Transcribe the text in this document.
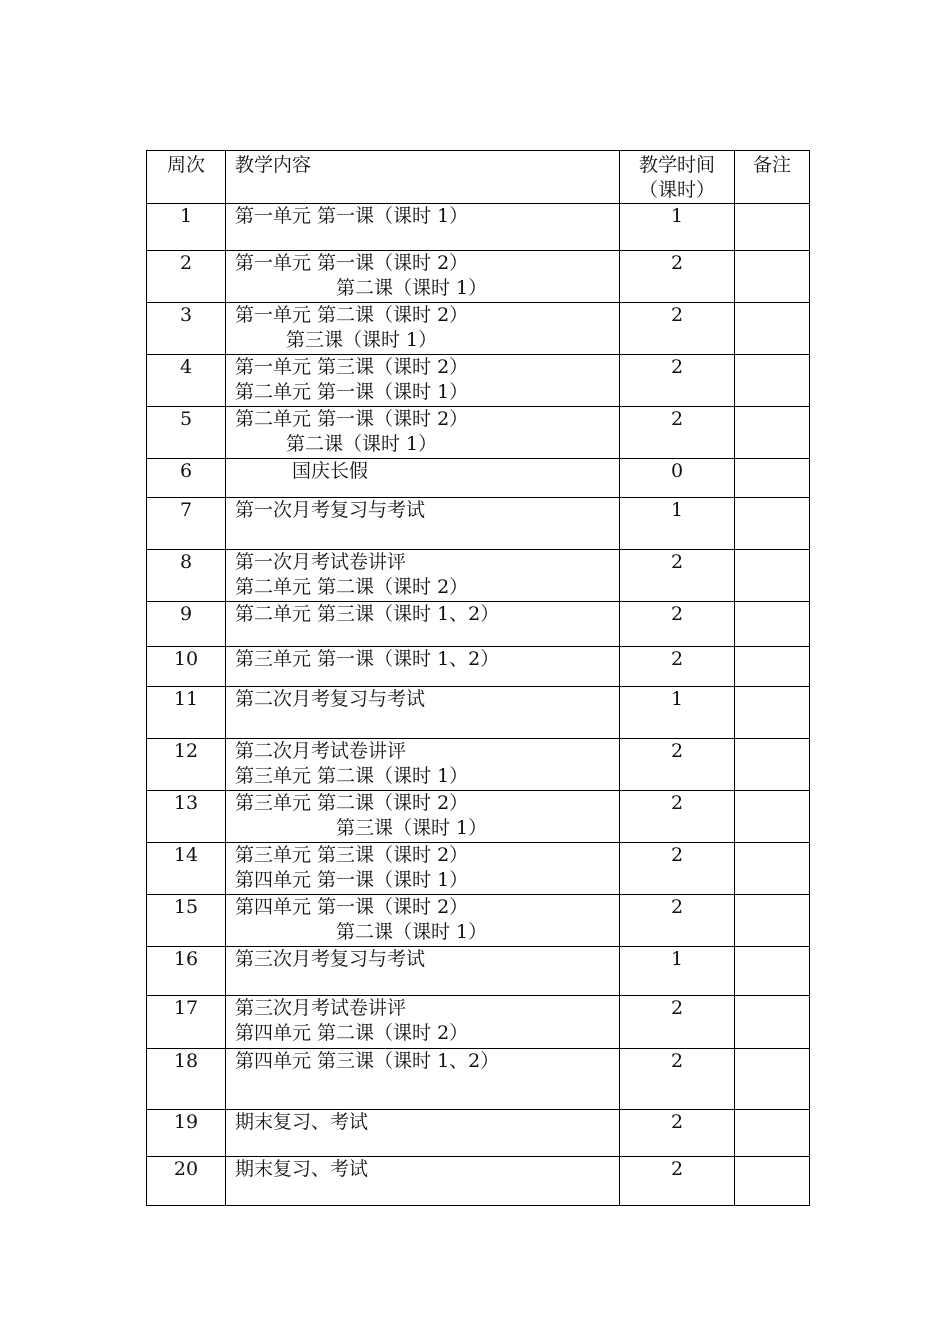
周次	教学内容	教学时间
（课时）	备注
1	第一单元 第一课（课时 1）	1	
2	第一单元 第一课（课时 2）
第二课（课时 1）	2	
3	第一单元 第二课（课时 2）
第三课（课时 1）	2	
4	第一单元 第三课（课时 2）
第二单元 第一课（课时 1）	2	
5	第二单元 第一课（课时 2）
第二课（课时 1）	2	
6	国庆长假	0	
7	第一次月考复习与考试	1	
8	第一次月考试卷讲评
第二单元 第二课（课时 2）	2	
9	第二单元 第三课（课时 1、2）	2	
10	第三单元 第一课（课时 1、2）	2	
11	第二次月考复习与考试	1	
12	第二次月考试卷讲评
第三单元 第二课（课时 1）	2	
13	第三单元 第二课（课时 2）
第三课（课时 1）	2	
14	第三单元 第三课（课时 2）
第四单元 第一课（课时 1）	2	
15	第四单元 第一课（课时 2）
第二课（课时 1）	2	
16	第三次月考复习与考试	1	
17	第三次月考试卷讲评
第四单元 第二课（课时 2）	2	
18	第四单元 第三课（课时 1、2）	2	
19	期末复习、考试	2	
20	期末复习、考试	2	
